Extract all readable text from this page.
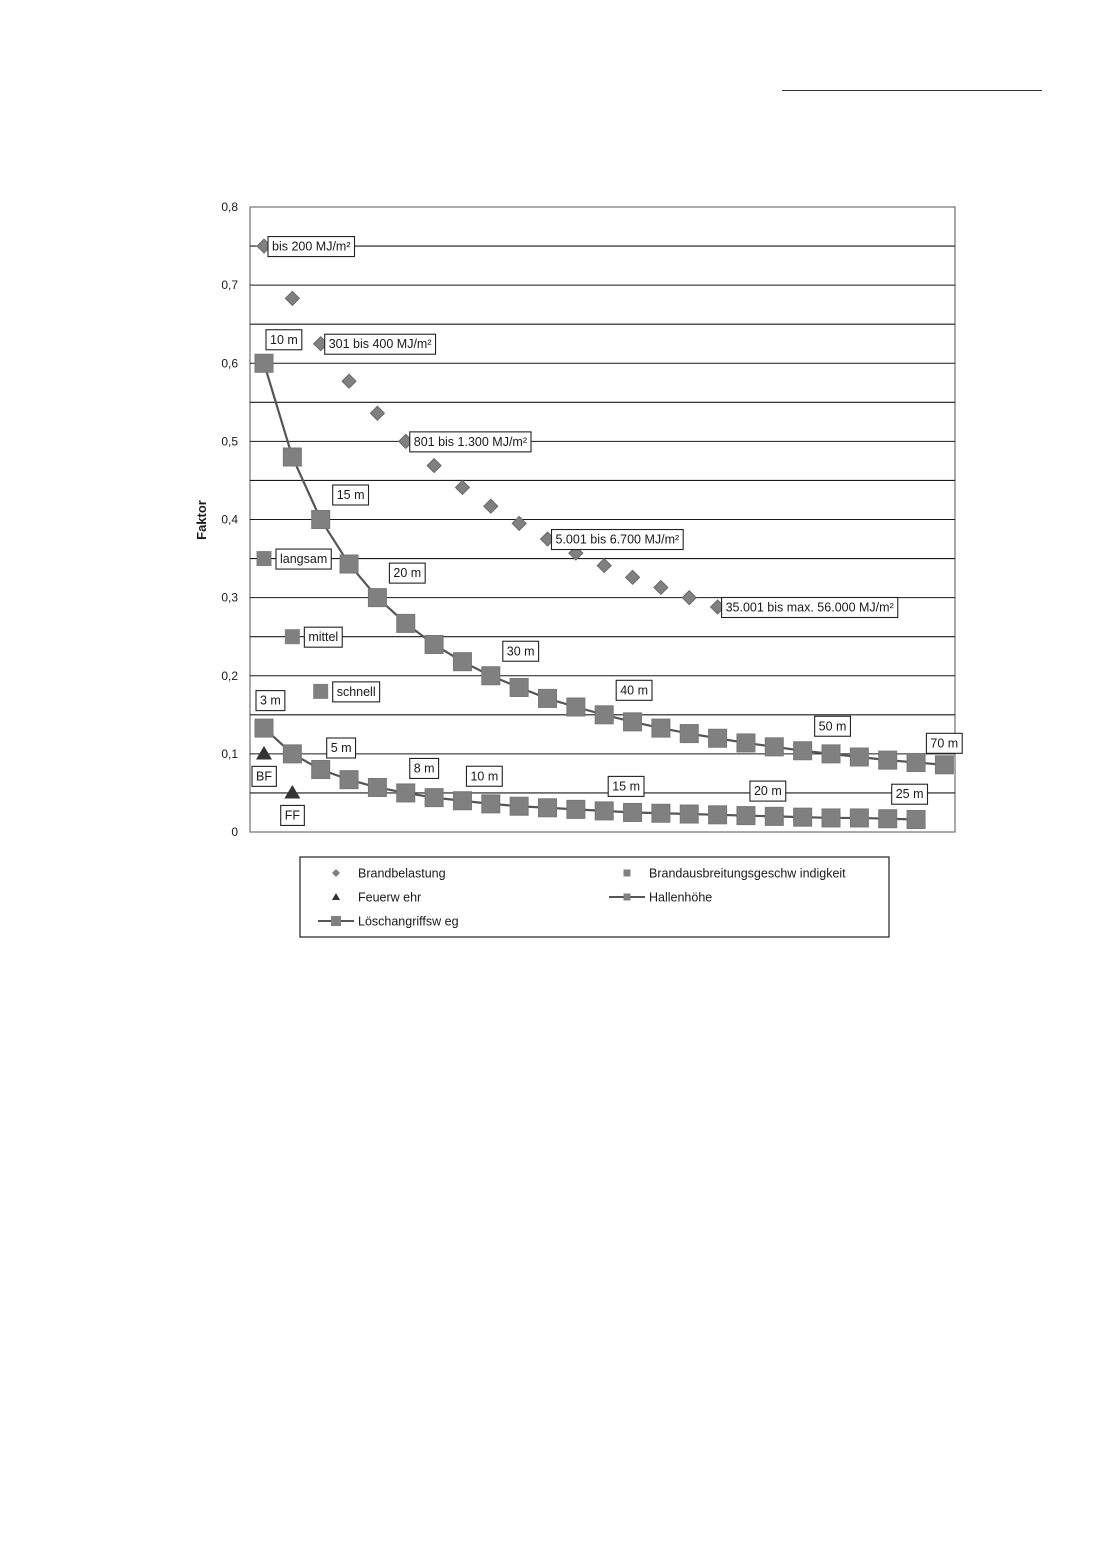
0
0,1
0,2
0,3
0,4
0,5
0,6
0,7
0,8
Faktor
bis 200 MJ/m²
301 bis 400 MJ/m²
801 bis 1.300 MJ/m²
5.001 bis 6.700 MJ/m²
35.001 bis max. 56.000 MJ/m²
langsam
mittel
schnell
BF
FF
10 m
15 m
20 m
30 m
40 m
50 m
70 m
3 m
5 m
8 m
10 m
15 m	20 m	25 m
Brandbelastung	Brandausbreitungsgeschw indigkeit
Feuerw ehr	Hallenhöhe
Löschangriffsw eg
